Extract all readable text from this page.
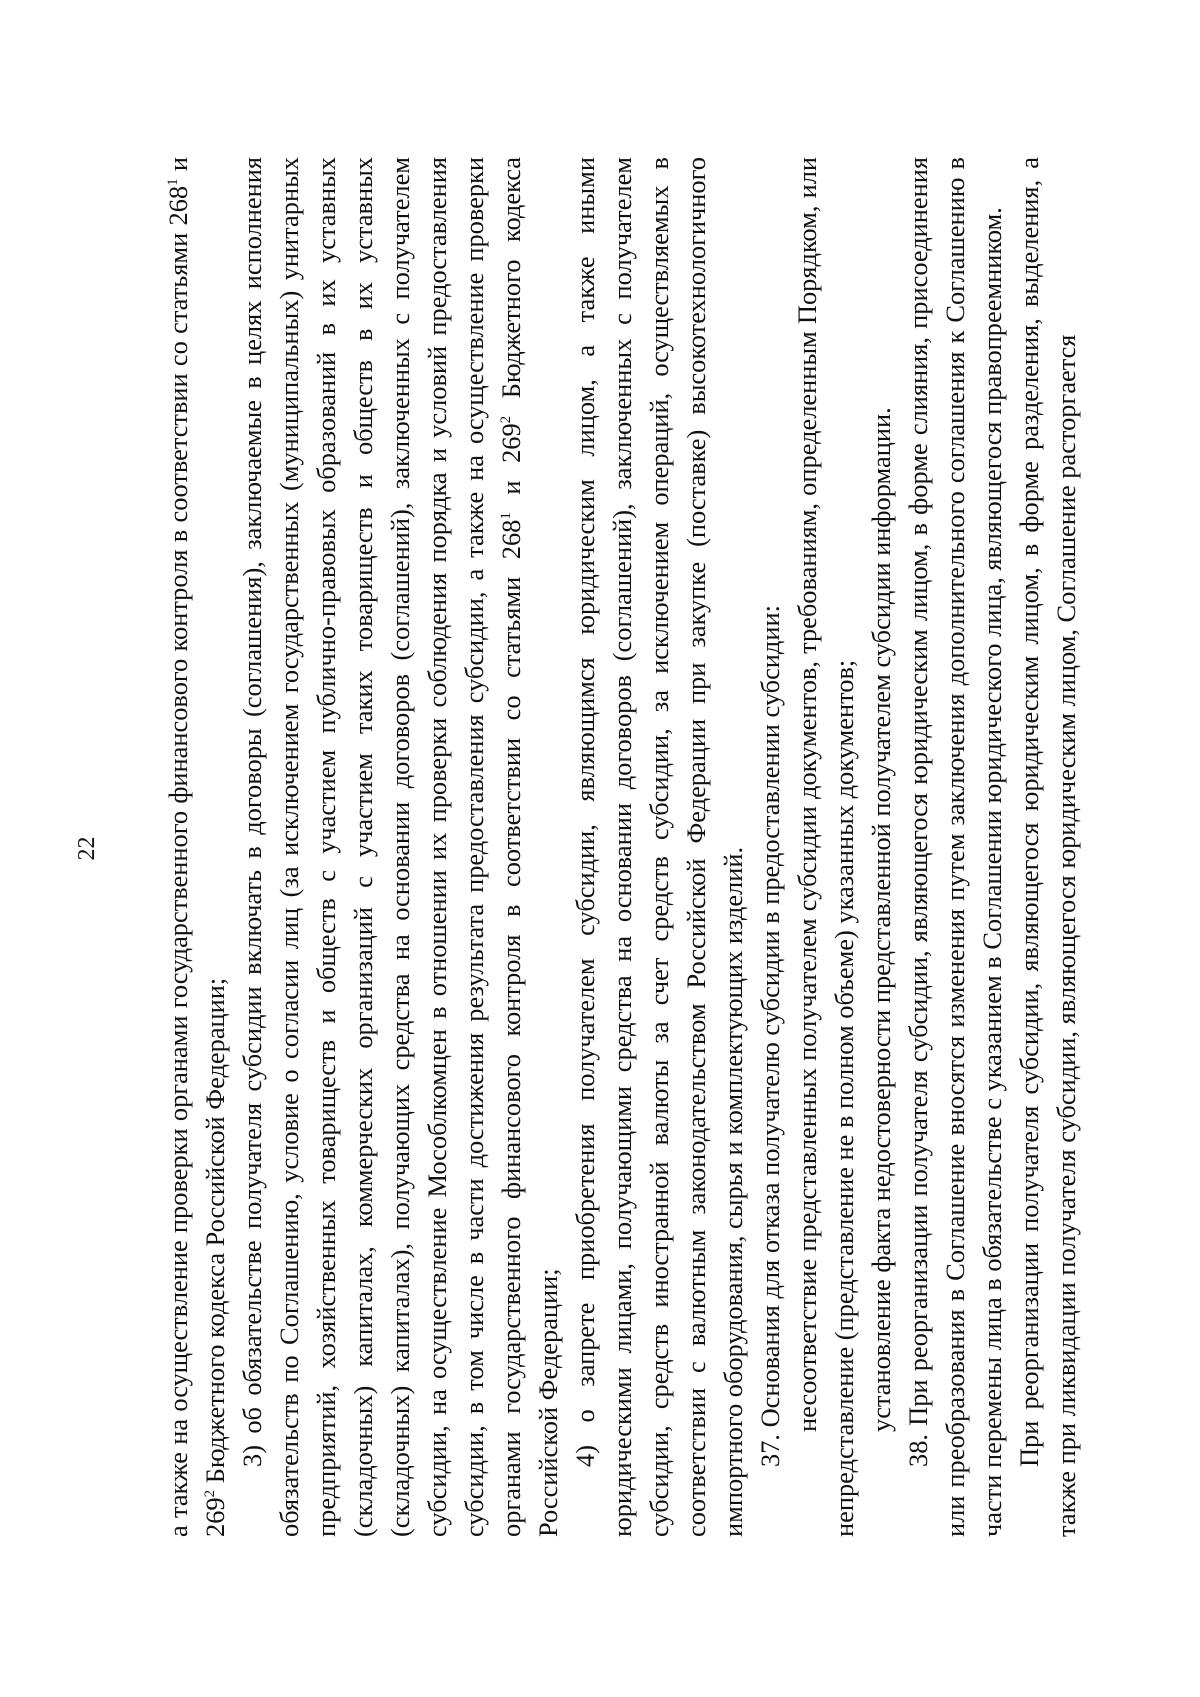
22 а также на осуществление проверки органами государственного финансового контроля в соответствии со статьями $268^1$ и $269^2$ Бюджетного кодекса Российской Федерации; 3) об обязательстве получателя субсидии включать в договоры (соглашения), заключаемые в целях исполнения обязательств по Соглашению, условие о согласии лиц (за исключением государственных (муниципальных) унитарных предприятий, хозяйственных товариществ и обществ с участием публично-правовых образований в их уставных (складочных) капиталах, коммерческих организаций с участием таких товариществ и обществ в их уставных (складочных) капиталах), получающих средства на основании договоров (соглашений), заключенных с получателем субсидии, на осуществление Мособлкомцен в отношении их проверки соблюдения порядка и условий предоставления субсидии, в том числе в части достижения результата предоставления субсидии, а также на осуществление проверки органами государственного финансового контроля в соответствии со статьями $268^1$ и $269^2$ Бюджетного кодекса Российской Федерации; 4) о запрете приобретения получателем субсидии, являющимся юридическим лицом, а также иными юридическими лицами, получающими средства на основании договоров (соглашений), заключенных с получателем субсидии, средств иностранной валюты за счет средств субсидии, за исключением операций, осуществляемых в соответствии с валютным законодательством Российской Федерации при закупке (поставке) высокотехнологичного импортного оборудования, сырья и комплектующих изделий. 37. Основания для отказа получателю субсидии в предоставлении субсидии: несоответствие представленных получателем субсидии документов, требованиям, определенным Порядком, или непредставление (представление не в полном объеме) указанных документов; установление факта недостоверности представленной получателем субсидии информации. 38. При реорганизации получателя субсидии, являющегося юридическим лицом, в форме слияния, присоединения или преобразования в Соглашение вносятся изменения путем заключения дополнительного соглашения к Соглашению в части перемены лица в обязательстве с указанием в Соглашении юридического лица, являющегося правопреемником. При реорганизации получателя субсидии, являющегося юридическим лицом, в форме разделения, выделения, а также при ликвидации получателя субсидии, являющегося юридическим лицом, Соглашение расторгается
